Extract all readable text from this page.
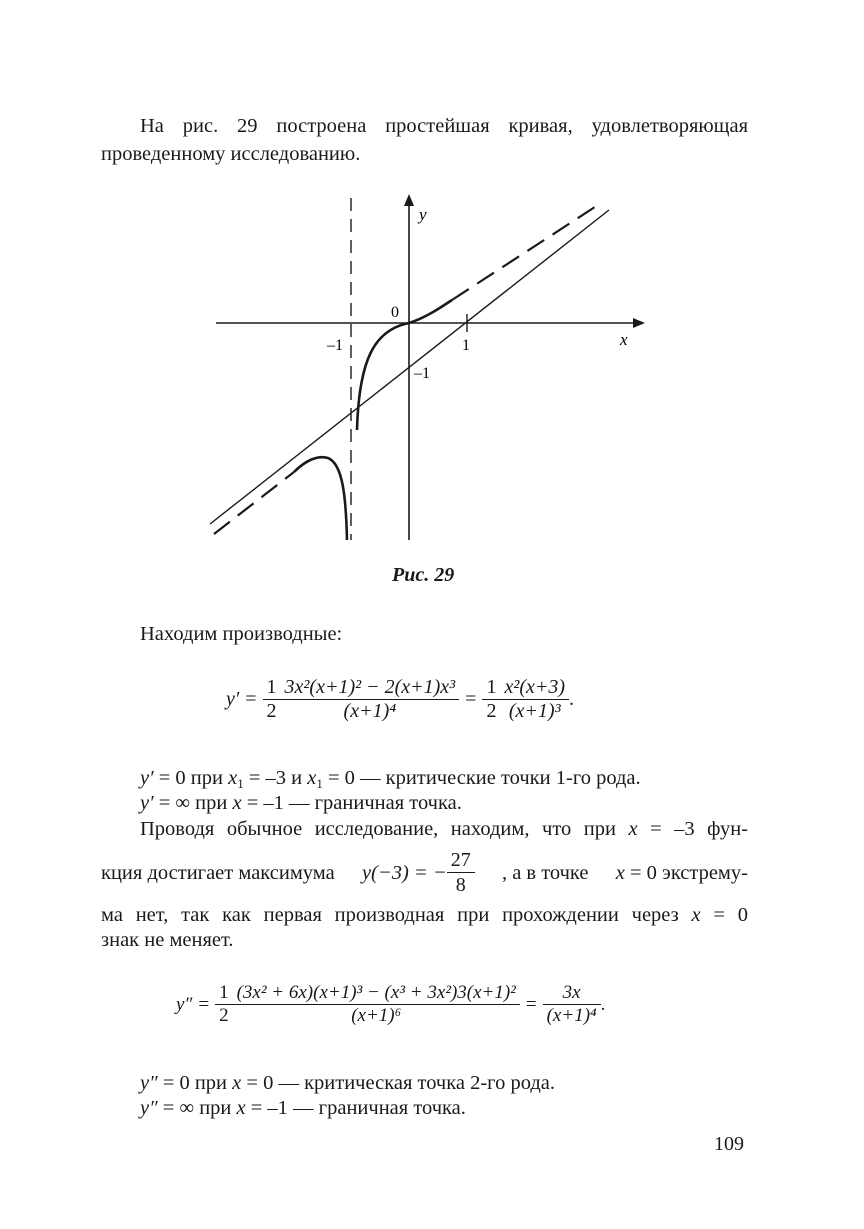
На рис. 29 построена простейшая кривая, удовлетворяющая
проведенному исследованию.
y
x
0
–1	1
–1
Рис. 29
Находим производные:
$y' = \frac{1}{2} \frac{\text{3x²(x+1)² − 2(x+1)x³}}{\text{(x+1)⁴}} = \frac{1}{2} \frac{\text{x²(x+3)}}{\text{(x+1)³}}$ .
y′ = 0 при $x_1 = -3$ и $x_1 = 0$ — критические точки 1-го рода.
y′ = ∞ при x = –1 — граничная точка.
Проводя обычное исследование, находим, что при x = –3 фун-
кция достигает максимума y(−3) = − $\frac{27}{8}$ , а в точке x = 0 экстрему-
ма нет, так как первая производная при прохождении через x = 0
знак не меняет.
$y'' = \frac{1}{2} \frac{\text{(3x² + 6x)(x+1)³ − (x³ + 3x²)3(x+1)²}}{\text{(x+1)⁶}} = \frac{3x}{\text{(x+1)⁴}}$ .
y″ = 0 при x = 0 — критическая точка 2-го рода.
y″ = ∞ при x = –1 — граничная точка.
109
